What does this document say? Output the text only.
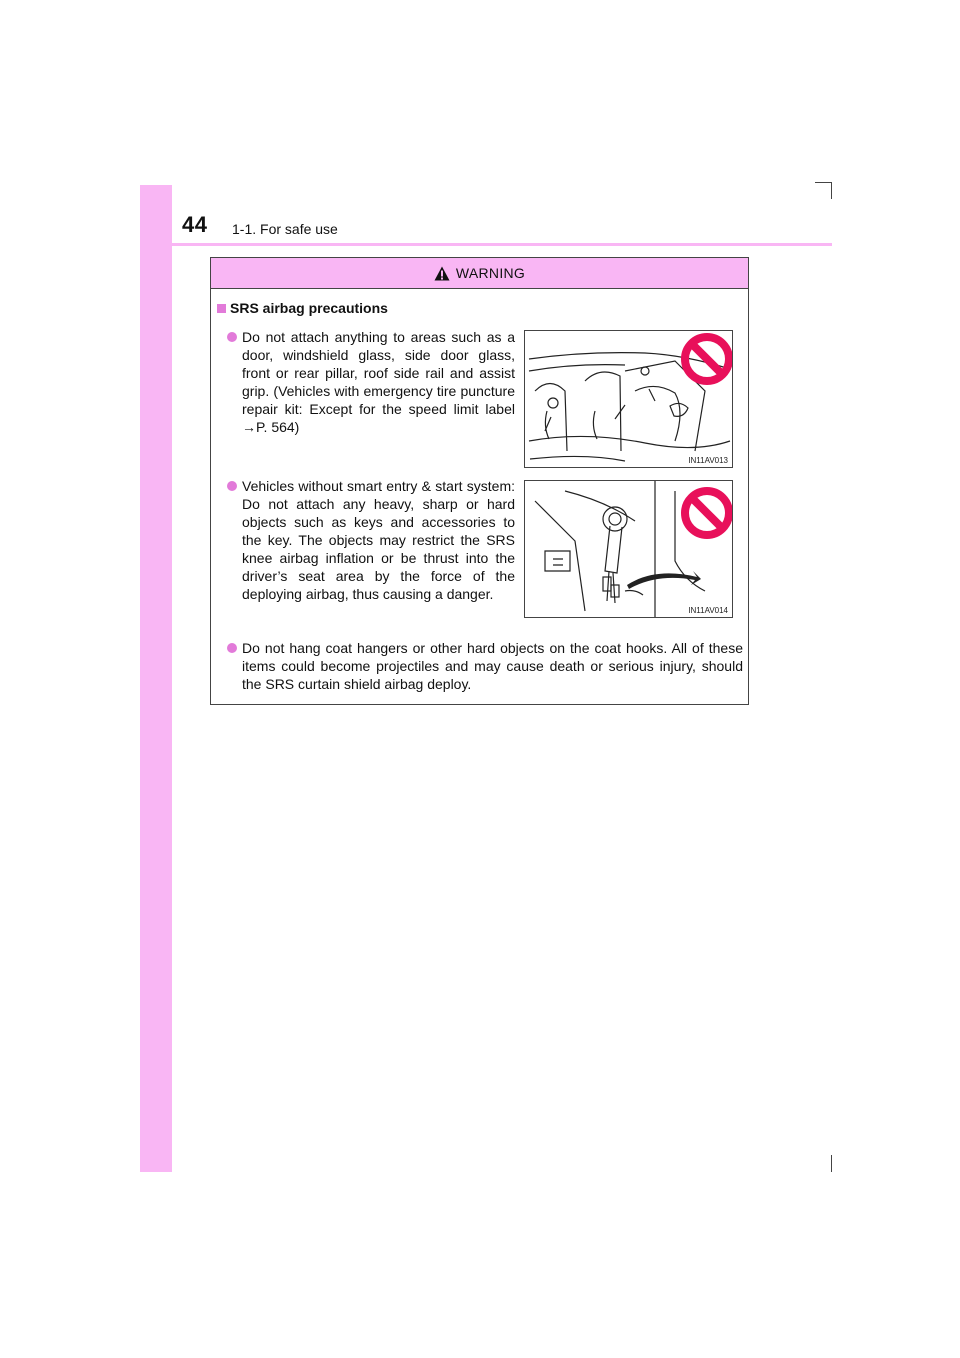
44 1-1. For safe use
WARNING
SRS airbag precautions
Do not attach anything to areas such as a door, windshield glass, side door glass, front or rear pillar, roof side rail and assist grip. (Vehicles with emergency tire puncture repair kit: Except for the speed limit label →P. 564)
IN11AV013
Vehicles without smart entry & start system: Do not attach any heavy, sharp or hard objects such as keys and accessories to the key. The objects may restrict the SRS knee airbag inflation or be thrust into the driver’s seat area by the force of the deploying airbag, thus causing a danger.
IN11AV014
Do not hang coat hangers or other hard objects on the coat hooks. All of these items could become projectiles and may cause death or serious injury, should the SRS curtain shield airbag deploy.
